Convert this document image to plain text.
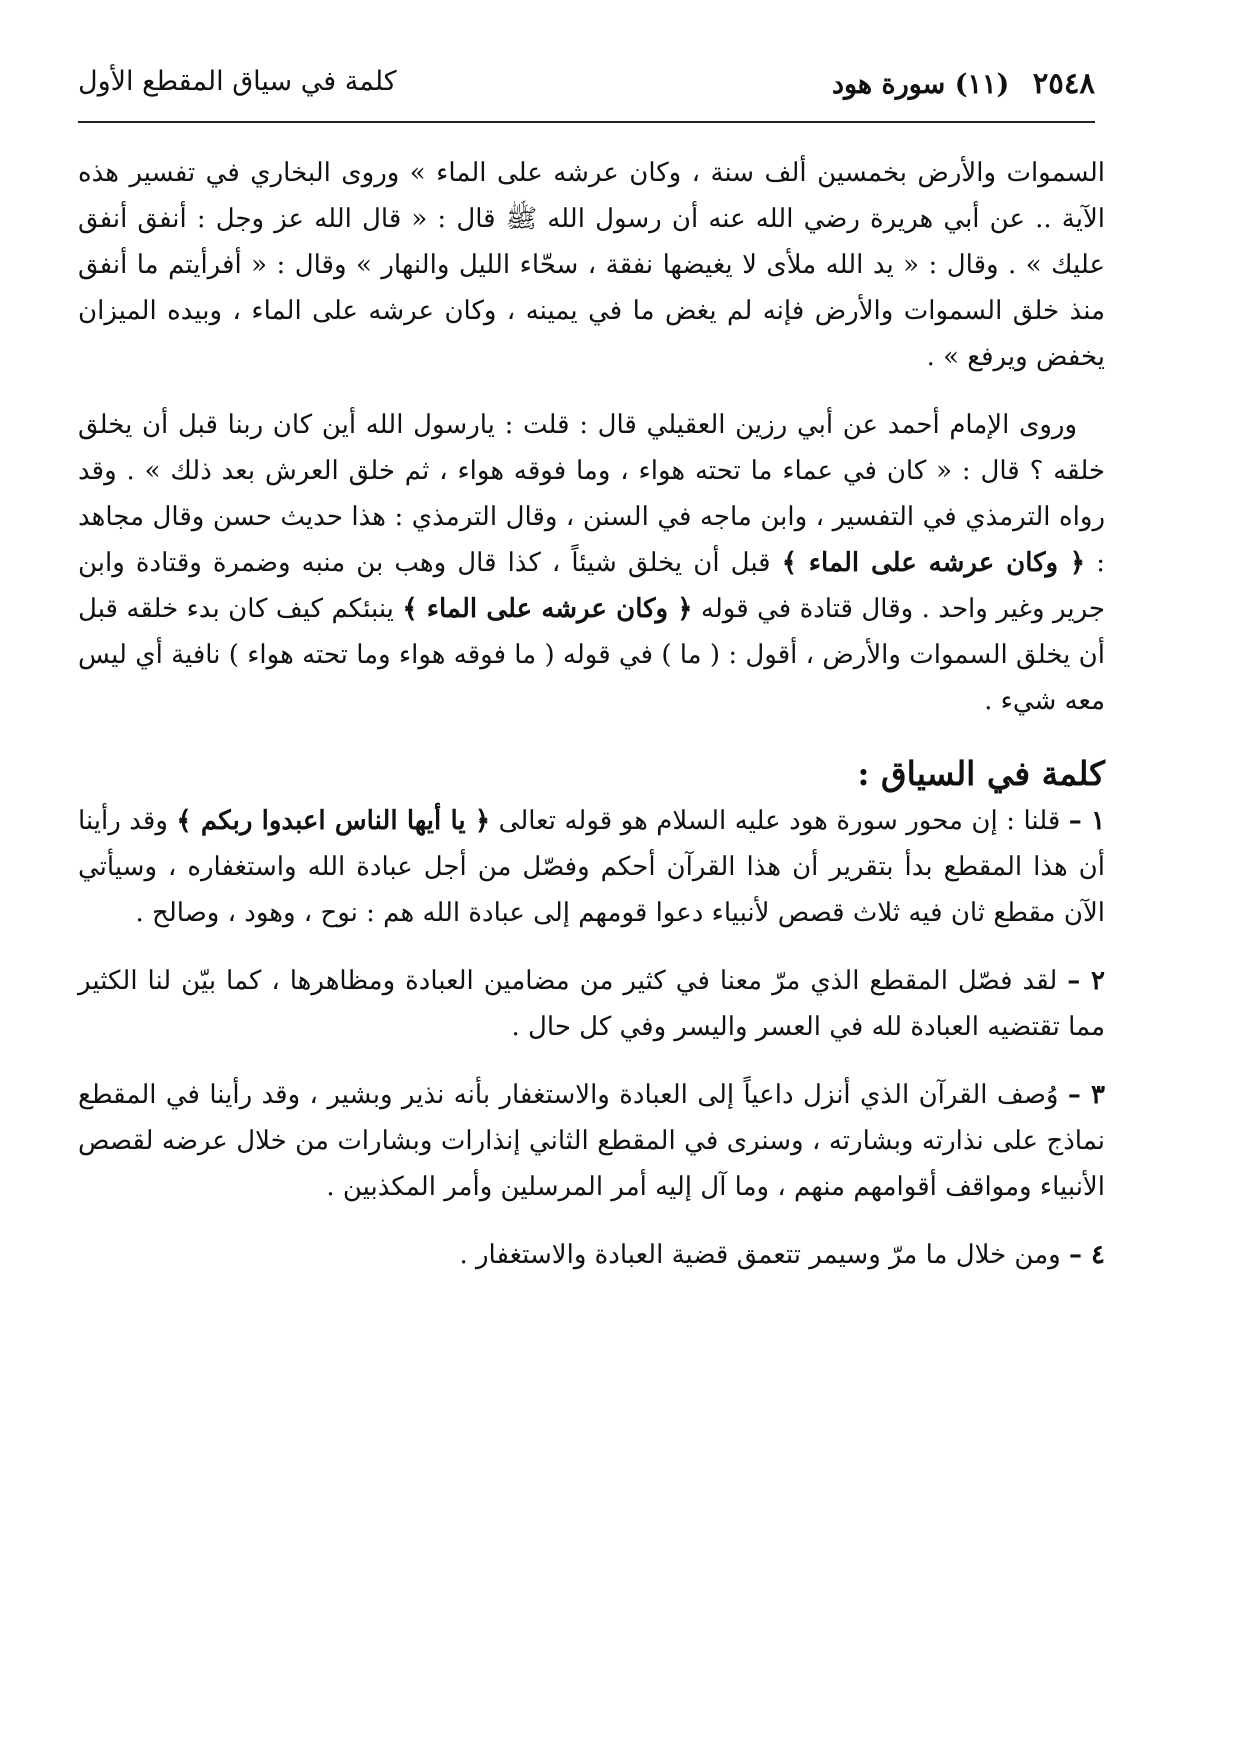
٢٥٤٨ (١١) سورة هود
كلمة في سياق المقطع الأول

السموات والأرض بخمسين ألف سنة ، وكان عرشه على الماء » وروى البخاري في تفسير هذه الآية .. عن أبي هريرة رضي الله عنه أن رسول الله ﷺ قال : « قال الله عز وجل : أنفق أنفق عليك » . وقال : « يد الله ملأى لا يغيضها نفقة ، سحّاء الليل والنهار » وقال : « أفرأيتم ما أنفق منذ خلق السموات والأرض فإنه لم يغض ما في يمينه ، وكان عرشه على الماء ، وبيده الميزان يخفض ويرفع » .

وروى الإمام أحمد عن أبي رزين العقيلي قال : قلت : يارسول الله أين كان ربنا قبل أن يخلق خلقه ؟ قال : « كان في عماء ما تحته هواء ، وما فوقه هواء ، ثم خلق العرش بعد ذلك » . وقد رواه الترمذي في التفسير ، وابن ماجه في السنن ، وقال الترمذي : هذا حديث حسن وقال مجاهد : ﴿ وكان عرشه على الماء ﴾ قبل أن يخلق شيئاً ، كذا قال وهب بن منبه وضمرة وقتادة وابن جرير وغير واحد . وقال قتادة في قوله ﴿ وكان عرشه على الماء ﴾ ينبئكم كيف كان بدء خلقه قبل أن يخلق السموات والأرض ، أقول : ( ما ) في قوله ( ما فوقه هواء وما تحته هواء ) نافية أي ليس معه شيء .

كلمة في السياق :

١ – قلنا : إن محور سورة هود عليه السلام هو قوله تعالى ﴿ يا أيها الناس اعبدوا ربكم ﴾ وقد رأينا أن هذا المقطع بدأ بتقرير أن هذا القرآن أحكم وفصّل من أجل عبادة الله واستغفاره ، وسيأتي الآن مقطع ثان فيه ثلاث قصص لأنبياء دعوا قومهم إلى عبادة الله هم : نوح ، وهود ، وصالح .

٢ – لقد فصّل المقطع الذي مرّ معنا في كثير من مضامين العبادة ومظاهرها ، كما بيّن لنا الكثير مما تقتضيه العبادة لله في العسر واليسر وفي كل حال .

٣ – وُصف القرآن الذي أنزل داعياً إلى العبادة والاستغفار بأنه نذير وبشير ، وقد رأينا في المقطع نماذج على نذارته وبشارته ، وسنرى في المقطع الثاني إنذارات وبشارات من خلال عرضه لقصص الأنبياء ومواقف أقوامهم منهم ، وما آل إليه أمر المرسلين وأمر المكذبين .

٤ – ومن خلال ما مرّ وسيمر تتعمق قضية العبادة والاستغفار .
